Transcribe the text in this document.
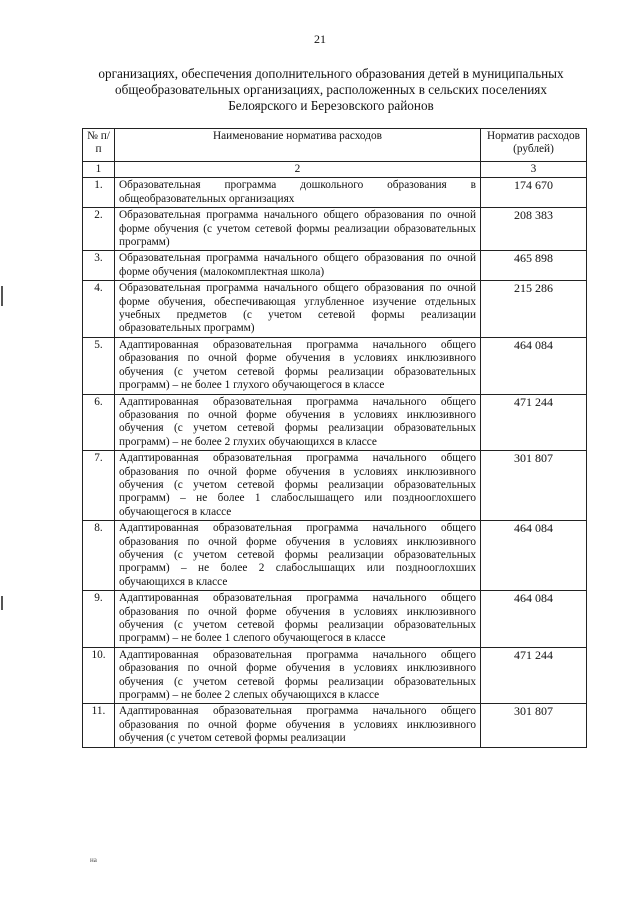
21
организациях, обеспечения дополнительного образования детей в муниципальных общеобразовательных организациях, расположенных в сельских поселениях Белоярского и Березовского районов
№ п/п	Наименование норматива расходов	Норматив расходов (рублей)
1	2	3
1.	Образовательная программа дошкольного образования в общеобразовательных организациях	174 670
2.	Образовательная программа начального общего образования по очной форме обучения (с учетом сетевой формы реализации образовательных программ)	208 383
3.	Образовательная программа начального общего образования по очной форме обучения (малокомплектная школа)	465 898
4.	Образовательная программа начального общего образования по очной форме обучения, обеспечивающая углубленное изучение отдельных учебных предметов (с учетом сетевой формы реализации образовательных программ)	215 286
5.	Адаптированная образовательная программа начального общего образования по очной форме обучения в условиях инклюзивного обучения (с учетом сетевой формы реализации образовательных программ) – не более 1 глухого обучающегося в классе	464 084
6.	Адаптированная образовательная программа начального общего образования по очной форме обучения в условиях инклюзивного обучения (с учетом сетевой формы реализации образовательных программ) – не более 2 глухих обучающихся в классе	471 244
7.	Адаптированная образовательная программа начального общего образования по очной форме обучения в условиях инклюзивного обучения (с учетом сетевой формы реализации образовательных программ) – не более 1 слабослышащего или позднооглохшего обучающегося в классе	301 807
8.	Адаптированная образовательная программа начального общего образования по очной форме обучения в условиях инклюзивного обучения (с учетом сетевой формы реализации образовательных программ) – не более 2 слабослышащих или позднооглохших обучающихся в классе	464 084
9.	Адаптированная образовательная программа начального общего образования по очной форме обучения в условиях инклюзивного обучения (с учетом сетевой формы реализации образовательных программ) – не более 1 слепого обучающегося в классе	464 084
10.	Адаптированная образовательная программа начального общего образования по очной форме обучения в условиях инклюзивного обучения (с учетом сетевой формы реализации образовательных программ) – не более 2 слепых обучающихся в классе	471 244
11.	Адаптированная образовательная программа начального общего образования по очной форме обучения в условиях инклюзивного обучения (с учетом сетевой формы реализации	301 807
на
